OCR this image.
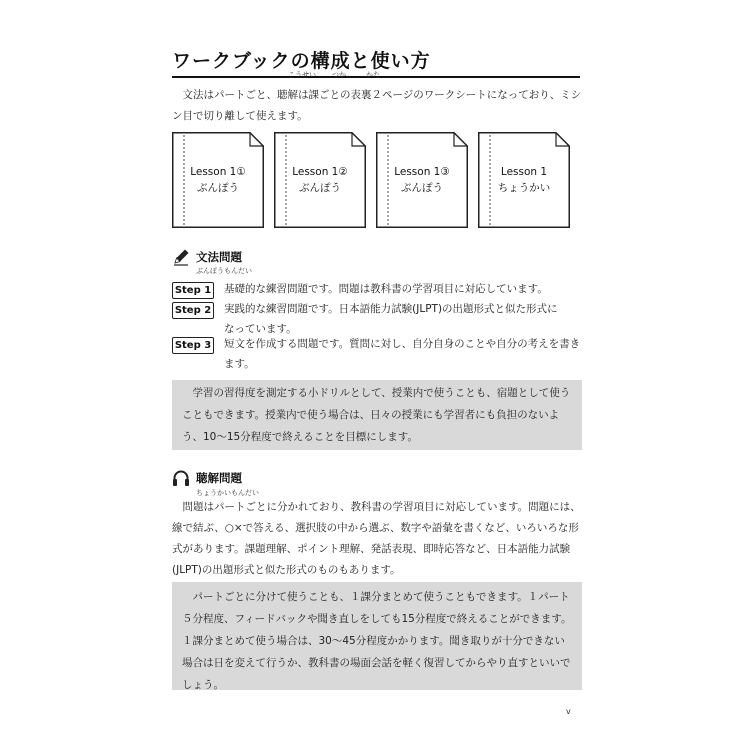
ワークブックの構成と使い方
こうせい つか	かた

　文法はパートごと、聴解は課ごとの表裏２ページのワークシートになっており、ミシ

ン目で切り離して使えます。

Lesson 1①
ぶんぽう
Lesson 1②
ぶんぽう
Lesson 1③
ぶんぽう
Lesson 1
ちょうかい
文法問題
ぶんぽうもんだい
Step 1 基礎的な練習問題です。問題は教科書の学習項目に対応しています。
Step 2 実践的な練習問題です。日本語能力試験(JLPT)の出題形式と似た形式に
なっています。
Step 3 短文を作成する問題です。質問に対し、自分自身のことや自分の考えを書き
ます。

　学習の習得度を測定する小ドリルとして、授業内で使うことも、宿題として使う

こともできます。授業内で使う場合は、日々の授業にも学習者にも負担のないよ

う、10～15分程度で終えることを目標にします。

聴解問題
ちょうかいもんだい

　問題はパートごとに分かれており、教科書の学習項目に対応しています。問題には、

線で結ぶ、○×で答える、選択肢の中から選ぶ、数字や語彙を書くなど、いろいろな形

式があります。課題理解、ポイント理解、発話表現、即時応答など、日本語能力試験

(JLPT)の出題形式と似た形式のものもあります。

　パートごとに分けて使うことも、１課分まとめて使うこともできます。１パート

５分程度、フィードバックや聞き直しをしても15分程度で終えることができます。

１課分まとめて使う場合は、30～45分程度かかります。聞き取りが十分できない

場合は日を変えて行うか、教科書の場面会話を軽く復習してからやり直すといいで

しょう。

v
